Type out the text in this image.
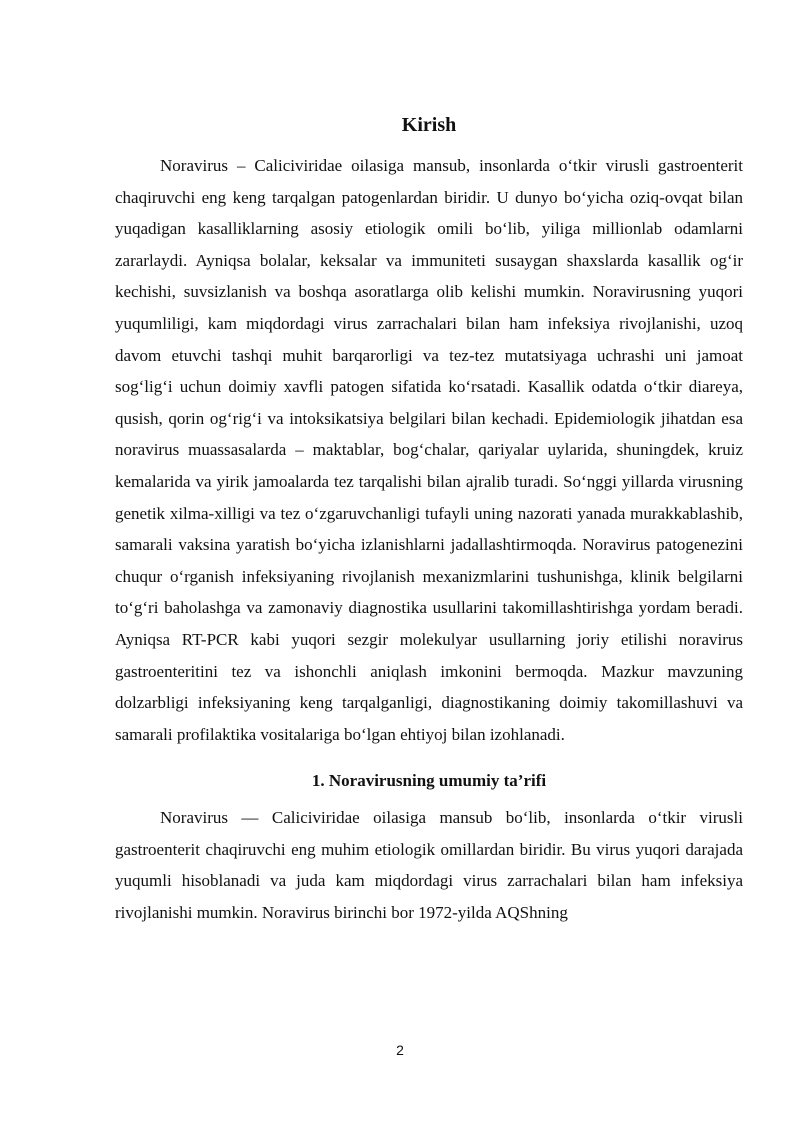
Kirish

Noravirus – Caliciviridae oilasiga mansub, insonlarda o‘tkir virusli gastroenterit chaqiruvchi eng keng tarqalgan patogenlardan biridir. U dunyo bo‘yicha oziq-ovqat bilan yuqadigan kasalliklarning asosiy etiologik omili bo‘lib, yiliga millionlab odamlarni zararlaydi. Ayniqsa bolalar, keksalar va immuniteti susaygan shaxslarda kasallik og‘ir kechishi, suvsizlanish va boshqa asoratlarga olib kelishi mumkin. Noravirusning yuqori yuqumliligi, kam miqdordagi virus zarrachalari bilan ham infeksiya rivojlanishi, uzoq davom etuvchi tashqi muhit barqarorligi va tez-tez mutatsiyaga uchrashi uni jamoat sog‘lig‘i uchun doimiy xavfli patogen sifatida ko‘rsatadi. Kasallik odatda o‘tkir diareya, qusish, qorin og‘rig‘i va intoksikatsiya belgilari bilan kechadi. Epidemiologik jihatdan esa noravirus muassasalarda – maktablar, bog‘chalar, qariyalar uylarida, shuningdek, kruiz kemalarida va yirik jamoalarda tez tarqalishi bilan ajralib turadi. So‘nggi yillarda virusning genetik xilma-xilligi va tez o‘zgaruvchanligi tufayli uning nazorati yanada murakkablashib, samarali vaksina yaratish bo‘yicha izlanishlarni jadallashtirmoqda. Noravirus patogenezini chuqur o‘rganish infeksiyaning rivojlanish mexanizmlarini tushunishga, klinik belgilarni to‘g‘ri baholashga va zamonaviy diagnostika usullarini takomillashtirishga yordam beradi. Ayniqsa RT-PCR kabi yuqori sezgir molekulyar usullarning joriy etilishi noravirus gastroenteritini tez va ishonchli aniqlash imkonini bermoqda. Mazkur mavzuning dolzarbligi infeksiyaning keng tarqalganligi, diagnostikaning doimiy takomillashuvi va samarali profilaktika vositalariga bo‘lgan ehtiyoj bilan izohlanadi.

1. Noravirusning umumiy ta’rifi

Noravirus — Caliciviridae oilasiga mansub bo‘lib, insonlarda o‘tkir virusli gastroenterit chaqiruvchi eng muhim etiologik omillardan biridir. Bu virus yuqori darajada yuqumli hisoblanadi va juda kam miqdordagi virus zarrachalari bilan ham infeksiya rivojlanishi mumkin. Noravirus birinchi bor 1972-yilda AQShning

2
